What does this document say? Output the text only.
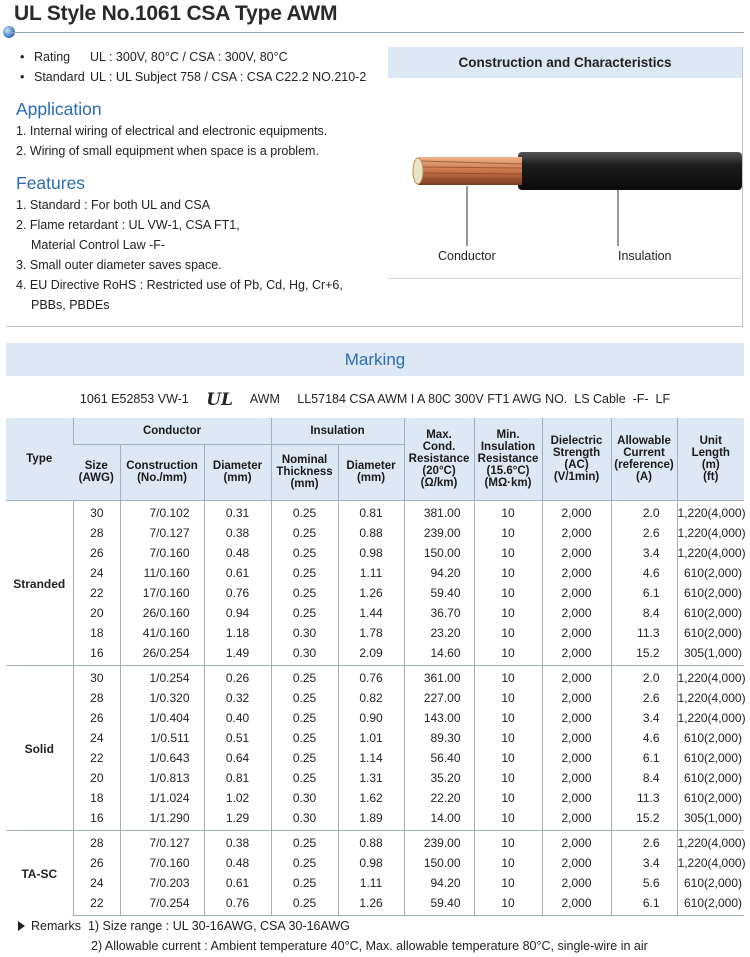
UL Style No.1061 CSA Type AWM
• Rating	UL : 300V, 80°C / CSA : 300V, 80°C
• Standard UL : UL Subject 758 / CSA : CSA C22.2 NO.210-2
Application
1. Internal wiring of electrical and electronic equipments.
2. Wiring of small equipment when space is a problem.
Features
1. Standard : For both UL and CSA
2. Flame retardant : UL VW-1, CSA FT1,
Material Control Law -F-
3. Small outer diameter saves space.
4. EU Directive RoHS : Restricted use of Pb, Cd, Hg, Cr+6,
PBBs, PBDEs
Construction and Characteristics
Conductor	Insulation
Marking
1061 E52853 VW-1 UL AWM     LL57184 CSA AWM I A 80C 300V FT1 AWG NO.  LS Cable  -F-  LF
Type	Conductor			Insulation		Max.
Cond.
Resistance
(20°C)
(Ω/km)	Min.
Insulation
Resistance
(15.6°C)
(MΩ·km)	Dielectric
Strength
(AC)
(V/1min)	Allowable
Current
(reference)
(A)	Unit
Length
(m)
(ft)
	Size
(AWG)	Construction
(No./mm)	Diameter
(mm)	Nominal
Thickness
(mm)	Diameter
(mm)					
Stranded	30	7/0.102	0.31	0.25	0.81	381.00	10	2,000	2.0	1,220(4,000)
	28	7/0.127	0.38	0.25	0.88	239.00	10	2,000	2.6	1,220(4,000)
	26	7/0.160	0.48	0.25	0.98	150.00	10	2,000	3.4	1,220(4,000)
	24	11/0.160	0.61	0.25	1.11	94.20	10	2,000	4.6	610(2,000)
	22	17/0.160	0.76	0.25	1.26	59.40	10	2,000	6.1	610(2,000)
	20	26/0.160	0.94	0.25	1.44	36.70	10	2,000	8.4	610(2,000)
	18	41/0.160	1.18	0.30	1.78	23.20	10	2,000	11.3	610(2,000)
	16	26/0.254	1.49	0.30	2.09	14.60	10	2,000	15.2	305(1,000)
Solid	30	1/0.254	0.26	0.25	0.76	361.00	10	2,000	2.0	1,220(4,000)
	28	1/0.320	0.32	0.25	0.82	227.00	10	2,000	2.6	1,220(4,000)
	26	1/0.404	0.40	0.25	0.90	143.00	10	2,000	3.4	1,220(4,000)
	24	1/0.511	0.51	0.25	1.01	89.30	10	2,000	4.6	610(2,000)
	22	1/0.643	0.64	0.25	1.14	56.40	10	2,000	6.1	610(2,000)
	20	1/0.813	0.81	0.25	1.31	35.20	10	2,000	8.4	610(2,000)
	18	1/1.024	1.02	0.30	1.62	22.20	10	2,000	11.3	610(2,000)
	16	1/1.290	1.29	0.30	1.89	14.00	10	2,000	15.2	305(1,000)
TA-SC	28	7/0.127	0.38	0.25	0.88	239.00	10	2,000	2.6	1,220(4,000)
	26	7/0.160	0.48	0.25	0.98	150.00	10	2,000	3.4	1,220(4,000)
	24	7/0.203	0.61	0.25	1.11	94.20	10	2,000	5.6	610(2,000)
	22	7/0.254	0.76	0.25	1.26	59.40	10	2,000	6.1	610(2,000)
Remarks 1) Size range : UL 30-16AWG, CSA 30-16AWG
2) Allowable current : Ambient temperature 40°C, Max. allowable temperature 80°C, single-wire in air
